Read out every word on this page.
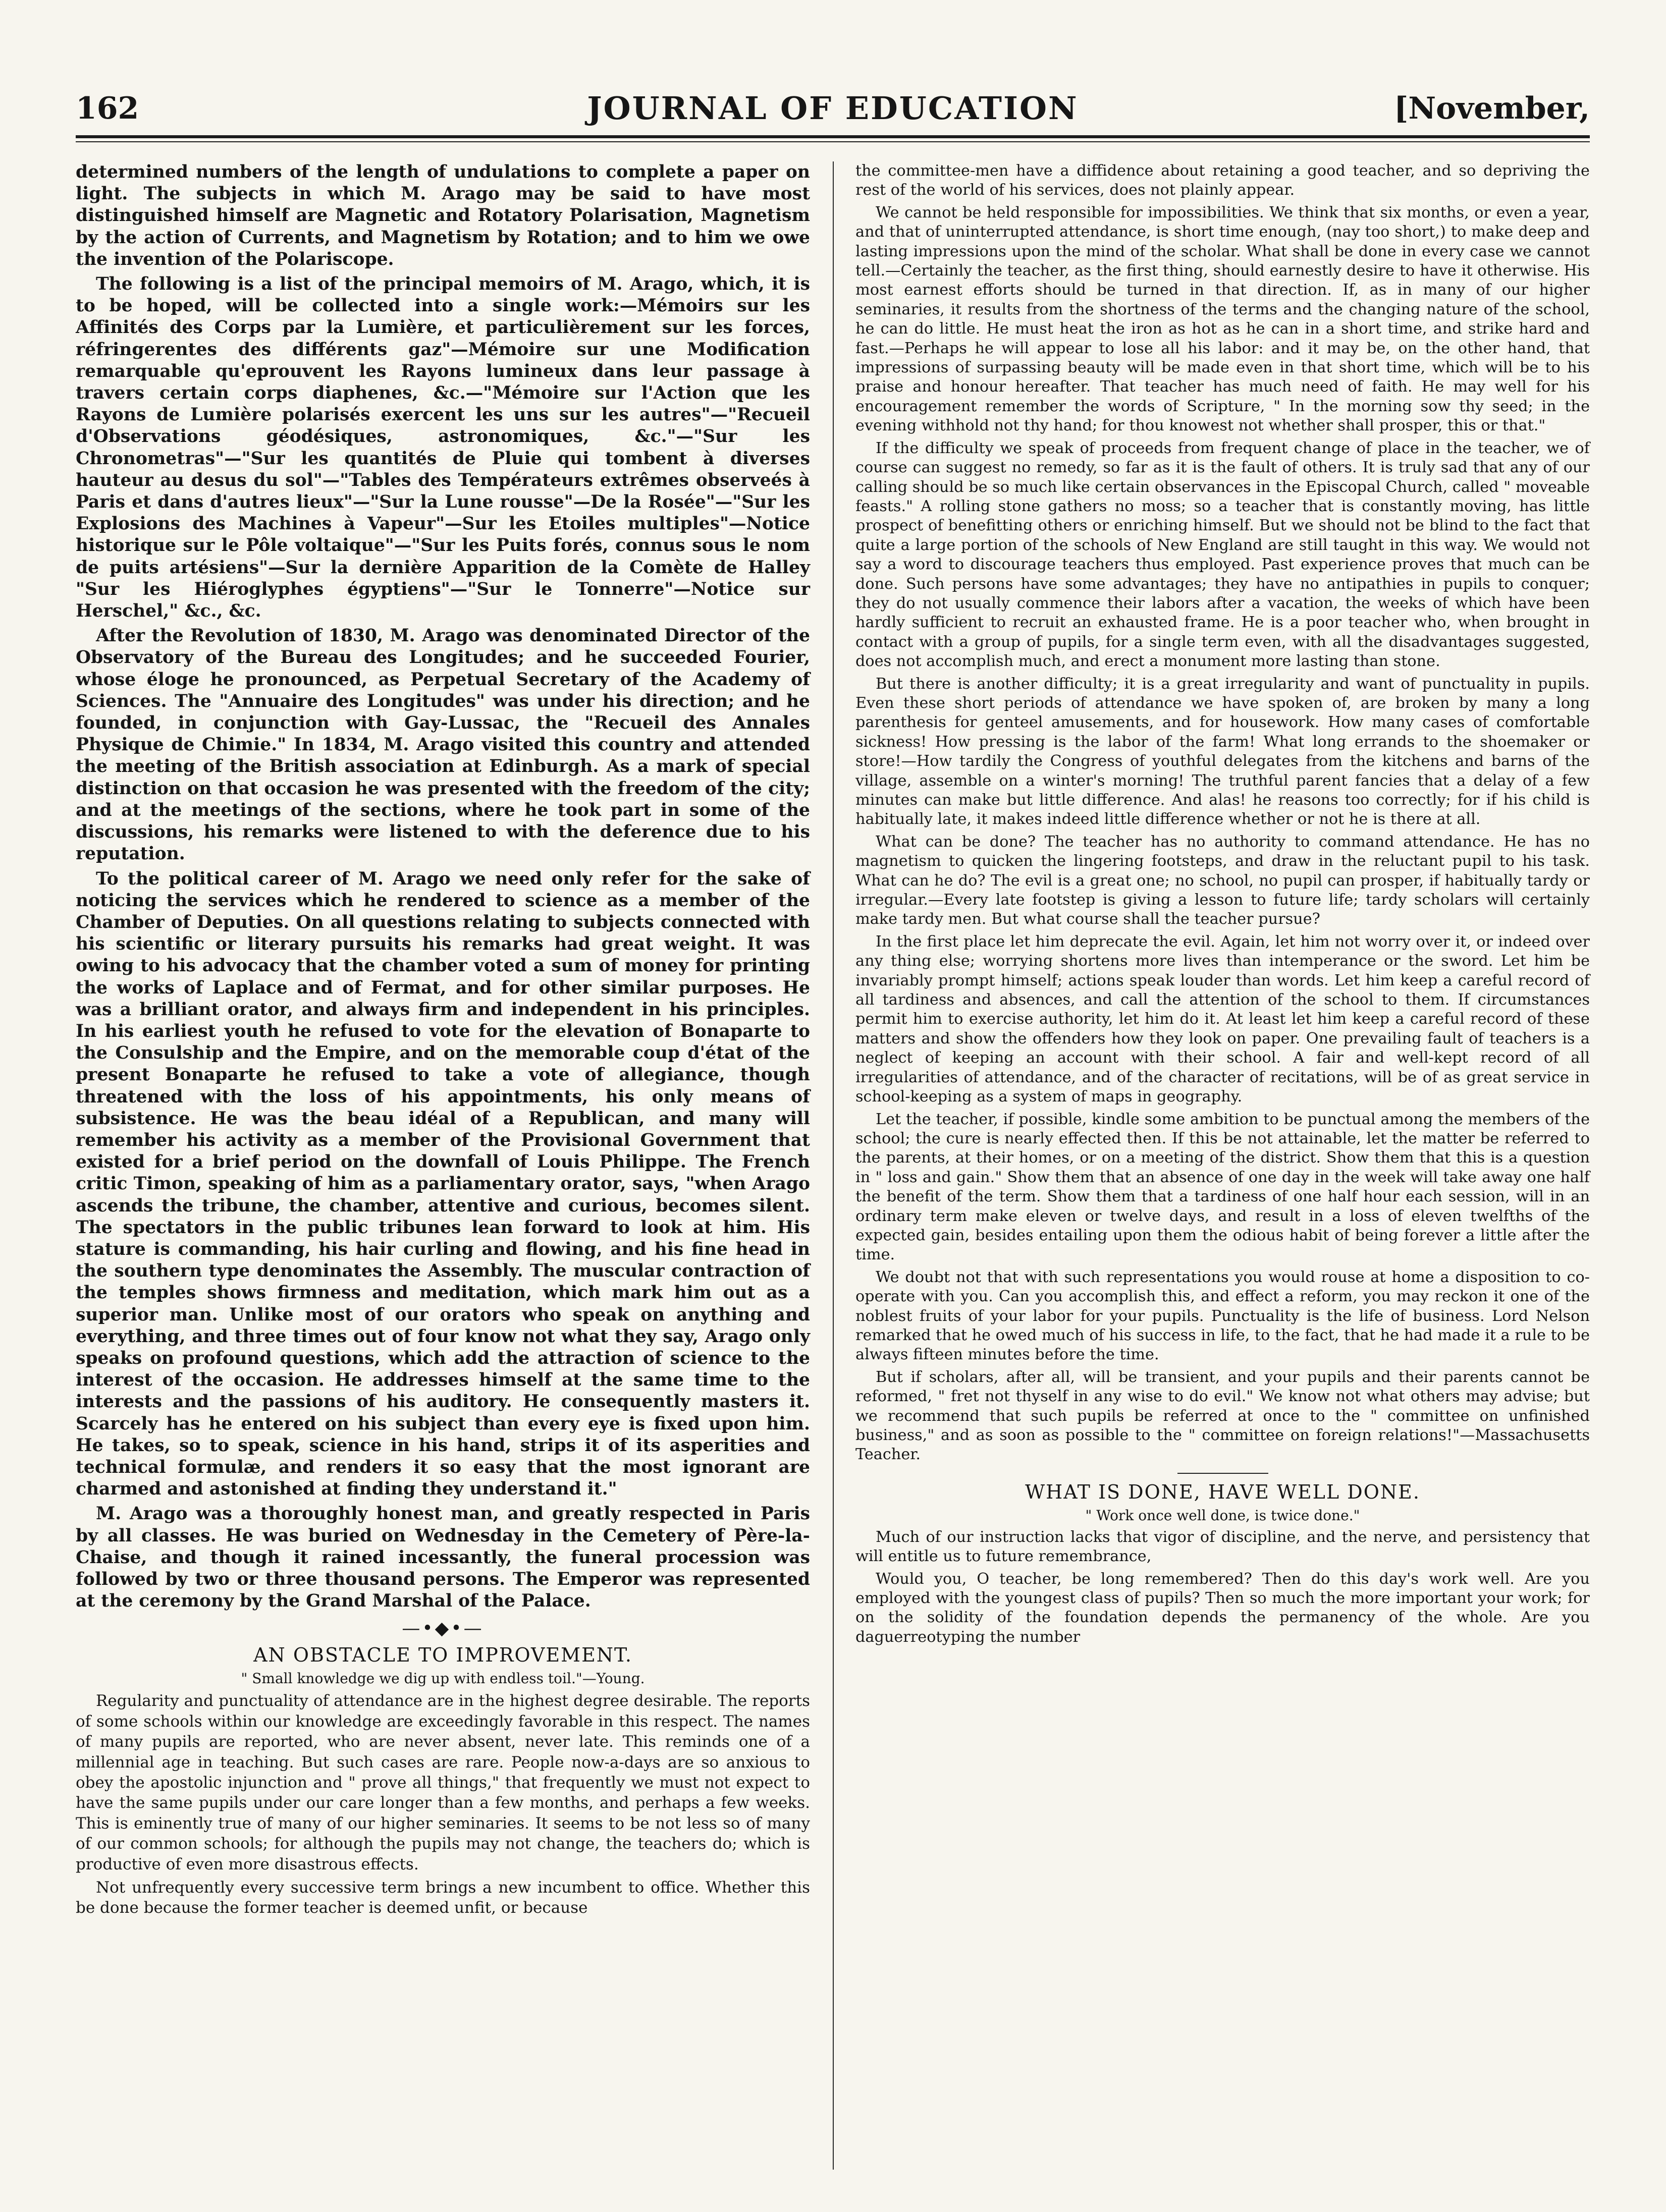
162	JOURNAL OF EDUCATION	[November,

determined numbers of the length of undulations to complete a paper on light. The subjects in which M. Arago may be said to have most distinguished himself are Magnetic and Rotatory Polarisation, Magnetism by the action of Currents, and Magnetism by Rotation; and to him we owe the invention of the Polariscope.

The following is a list of the principal memoirs of M. Arago, which, it is to be hoped, will be collected into a single work:—Mémoirs sur les Affinités des Corps par la Lumière, et particulièrement sur les forces, réfringerentes des différents gaz"—Mémoire sur une Modification remarquable qu'eprouvent les Rayons lumineux dans leur passage à travers certain corps diaphenes, &c.—"Mémoire sur l'Action que les Rayons de Lumière polarisés exercent les uns sur les autres"—"Recueil d'Observations géodésiques, astronomiques, &c."—"Sur les Chronometras"—"Sur les quantités de Pluie qui tombent à diverses hauteur au desus du sol"—"Tables des Températeurs extrêmes observeés à Paris et dans d'autres lieux"—"Sur la Lune rousse"—De la Rosée"—"Sur les Explosions des Machines à Vapeur"—Sur les Etoiles multiples"—Notice historique sur le Pôle voltaique"—"Sur les Puits forés, connus sous le nom de puits artésiens"—Sur la dernière Apparition de la Comète de Halley "Sur les Hiéroglyphes égyptiens"—"Sur le Tonnerre"—Notice sur Herschel," &c., &c.

After the Revolution of 1830, M. Arago was denominated Director of the Observatory of the Bureau des Longitudes; and he succeeded Fourier, whose éloge he pronounced, as Perpetual Secretary of the Academy of Sciences. The "Annuaire des Longitudes" was under his direction; and he founded, in conjunction with Gay-Lussac, the "Recueil des Annales Physique de Chimie." In 1834, M. Arago visited this country and attended the meeting of the British association at Edinburgh. As a mark of special distinction on that occasion he was presented with the freedom of the city; and at the meetings of the sections, where he took part in some of the discussions, his remarks were listened to with the deference due to his reputation.

To the political career of M. Arago we need only refer for the sake of noticing the services which he rendered to science as a member of the Chamber of Deputies. On all questions relating to subjects connected with his scientific or literary pursuits his remarks had great weight. It was owing to his advocacy that the chamber voted a sum of money for printing the works of Laplace and of Fermat, and for other similar purposes. He was a brilliant orator, and always firm and independent in his principles. In his earliest youth he refused to vote for the elevation of Bonaparte to the Consulship and the Empire, and on the memorable coup d'état of the present Bonaparte he refused to take a vote of allegiance, though threatened with the loss of his appointments, his only means of subsistence. He was the beau idéal of a Republican, and many will remember his activity as a member of the Provisional Government that existed for a brief period on the downfall of Louis Philippe. The French critic Timon, speaking of him as a parliamentary orator, says, "when Arago ascends the tribune, the chamber, attentive and curious, becomes silent. The spectators in the public tribunes lean forward to look at him. His stature is commanding, his hair curling and flowing, and his fine head in the southern type denominates the Assembly. The muscular contraction of the temples shows firmness and meditation, which mark him out as a superior man. Unlike most of our orators who speak on anything and everything, and three times out of four know not what they say, Arago only speaks on profound questions, which add the attraction of science to the interest of the occasion. He addresses himself at the same time to the interests and the passions of his auditory. He consequently masters it. Scarcely has he entered on his subject than every eye is fixed upon him. He takes, so to speak, science in his hand, strips it of its asperities and technical formulæ, and renders it so easy that the most ignorant are charmed and astonished at finding they understand it."

M. Arago was a thoroughly honest man, and greatly respected in Paris by all classes. He was buried on Wednesday in the Cemetery of Père-la-Chaise, and though it rained incessantly, the funeral procession was followed by two or three thousand persons. The Emperor was represented at the ceremony by the Grand Marshal of the Palace.

—•◆•—
AN OBSTACLE TO IMPROVEMENT.
" Small knowledge we dig up with endless toil."—Young.

Regularity and punctuality of attendance are in the highest degree desirable. The reports of some schools within our knowledge are exceedingly favorable in this respect. The names of many pupils are reported, who are never absent, never late. This reminds one of a millennial age in teaching. But such cases are rare. People now-a-days are so anxious to obey the apostolic injunction and " prove all things," that frequently we must not expect to have the same pupils under our care longer than a few months, and perhaps a few weeks. This is eminently true of many of our higher seminaries. It seems to be not less so of many of our common schools; for although the pupils may not change, the teachers do; which is productive of even more disastrous effects.

Not unfrequently every successive term brings a new incumbent to office. Whether this be done because the former teacher is deemed unfit, or because

the committee-men have a diffidence about retaining a good teacher, and so depriving the rest of the world of his services, does not plainly appear.

We cannot be held responsible for impossibilities. We think that six months, or even a year, and that of uninterrupted attendance, is short time enough, (nay too short,) to make deep and lasting impressions upon the mind of the scholar. What shall be done in every case we cannot tell.—Certainly the teacher, as the first thing, should earnestly desire to have it otherwise. His most earnest efforts should be turned in that direction. If, as in many of our higher seminaries, it results from the shortness of the terms and the changing nature of the school, he can do little. He must heat the iron as hot as he can in a short time, and strike hard and fast.—Perhaps he will appear to lose all his labor: and it may be, on the other hand, that impressions of surpassing beauty will be made even in that short time, which will be to his praise and honour hereafter. That teacher has much need of faith. He may well for his encouragement remember the words of Scripture, " In the morning sow thy seed; in the evening withhold not thy hand; for thou knowest not whether shall prosper, this or that."

If the difficulty we speak of proceeds from frequent change of place in the teacher, we of course can suggest no remedy, so far as it is the fault of others. It is truly sad that any of our calling should be so much like certain observances in the Episcopal Church, called " moveable feasts." A rolling stone gathers no moss; so a teacher that is constantly moving, has little prospect of benefitting others or enriching himself. But we should not be blind to the fact that quite a large portion of the schools of New England are still taught in this way. We would not say a word to discourage teachers thus employed. Past experience proves that much can be done. Such persons have some advantages; they have no antipathies in pupils to conquer; they do not usually commence their labors after a vacation, the weeks of which have been hardly sufficient to recruit an exhausted frame. He is a poor teacher who, when brought in contact with a group of pupils, for a single term even, with all the disadvantages suggested, does not accomplish much, and erect a monument more lasting than stone.

But there is another difficulty; it is a great irregularity and want of punctuality in pupils. Even these short periods of attendance we have spoken of, are broken by many a long parenthesis for genteel amusements, and for housework. How many cases of comfortable sickness! How pressing is the labor of the farm! What long errands to the shoemaker or store!—How tardily the Congress of youthful delegates from the kitchens and barns of the village, assemble on a winter's morning! The truthful parent fancies that a delay of a few minutes can make but little difference. And alas! he reasons too correctly; for if his child is habitually late, it makes indeed little difference whether or not he is there at all.

What can be done? The teacher has no authority to command attendance. He has no magnetism to quicken the lingering footsteps, and draw in the reluctant pupil to his task. What can he do? The evil is a great one; no school, no pupil can prosper, if habitually tardy or irregular.—Every late footstep is giving a lesson to future life; tardy scholars will certainly make tardy men. But what course shall the teacher pursue?

In the first place let him deprecate the evil. Again, let him not worry over it, or indeed over any thing else; worrying shortens more lives than intemperance or the sword. Let him be invariably prompt himself; actions speak louder than words. Let him keep a careful record of all tardiness and absences, and call the attention of the school to them. If circumstances permit him to exercise authority, let him do it. At least let him keep a careful record of these matters and show the offenders how they look on paper. One prevailing fault of teachers is a neglect of keeping an account with their school. A fair and well-kept record of all irregularities of attendance, and of the character of recitations, will be of as great service in school-keeping as a system of maps in geography.

Let the teacher, if possible, kindle some ambition to be punctual among the members of the school; the cure is nearly effected then. If this be not attainable, let the matter be referred to the parents, at their homes, or on a meeting of the district. Show them that this is a question in " loss and gain." Show them that an absence of one day in the week will take away one half the benefit of the term. Show them that a tardiness of one half hour each session, will in an ordinary term make eleven or twelve days, and result in a loss of eleven twelfths of the expected gain, besides entailing upon them the odious habit of being forever a little after the time.

We doubt not that with such representations you would rouse at home a disposition to co-operate with you. Can you accomplish this, and effect a reform, you may reckon it one of the noblest fruits of your labor for your pupils. Punctuality is the life of business. Lord Nelson remarked that he owed much of his success in life, to the fact, that he had made it a rule to be always fifteen minutes before the time.

But if scholars, after all, will be transient, and your pupils and their parents cannot be reformed, " fret not thyself in any wise to do evil." We know not what others may advise; but we recommend that such pupils be referred at once to the " committee on unfinished business," and as soon as possible to the " committee on foreign relations!"—Massachusetts Teacher.

WHAT IS DONE, HAVE WELL DONE.
" Work once well done, is twice done."

Much of our instruction lacks that vigor of discipline, and the nerve, and persistency that will entitle us to future remembrance,

Would you, O teacher, be long remembered? Then do this day's work well. Are you employed with the youngest class of pupils? Then so much the more important your work; for on the solidity of the foundation depends the permanency of the whole. Are you daguerreotyping the number
